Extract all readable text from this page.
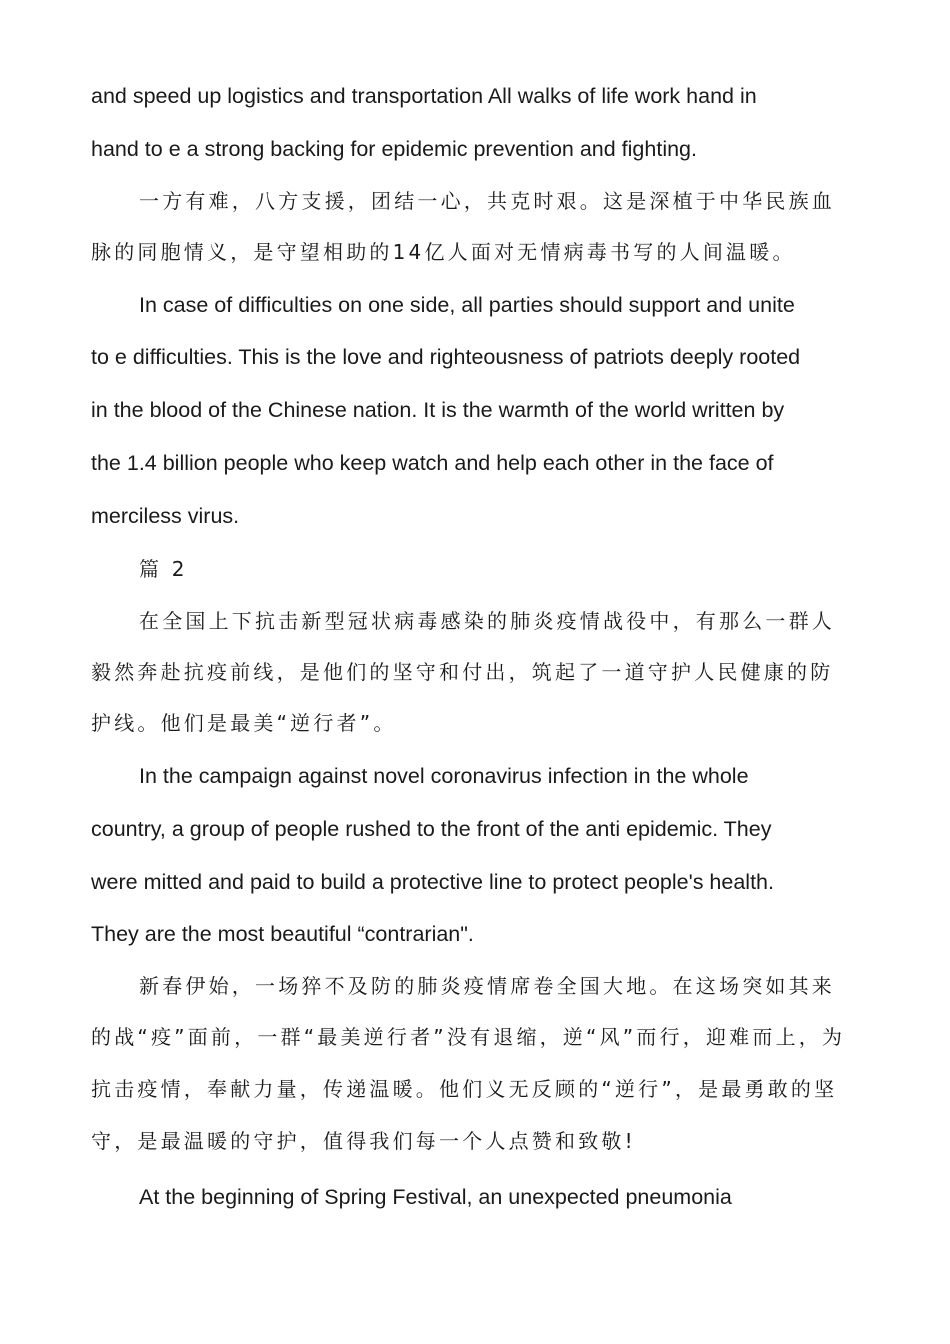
and speed up logistics and transportation All walks of life work hand in
hand to e a strong backing for epidemic prevention and fighting.
一方有难，八方支援，团结一心，共克时艰。这是深植于中华民族血
脉的同胞情义，是守望相助的14亿人面对无情病毒书写的人间温暖。
In case of difficulties on one side, all parties should support and unite
to e difficulties. This is the love and righteousness of patriots deeply rooted
in the blood of the Chinese nation. It is the warmth of the world written by
the 1.4 billion people who keep watch and help each other in the face of
merciless virus.
篇 2
在全国上下抗击新型冠状病毒感染的肺炎疫情战役中，有那么一群人
毅然奔赴抗疫前线，是他们的坚守和付出，筑起了一道守护人民健康的防
护线。他们是最美“逆行者”。
In the campaign against novel coronavirus infection in the whole
country, a group of people rushed to the front of the anti epidemic. They
were mitted and paid to build a protective line to protect people's health.
They are the most beautiful “contrarian".
新春伊始，一场猝不及防的肺炎疫情席卷全国大地。在这场突如其来
的战“疫”面前，一群“最美逆行者”没有退缩，逆“风”而行，迎难而上，为
抗击疫情，奉献力量，传递温暖。他们义无反顾的“逆行”，是最勇敢的坚
守，是最温暖的守护，值得我们每一个人点赞和致敬!
At the beginning of Spring Festival, an unexpected pneumonia
